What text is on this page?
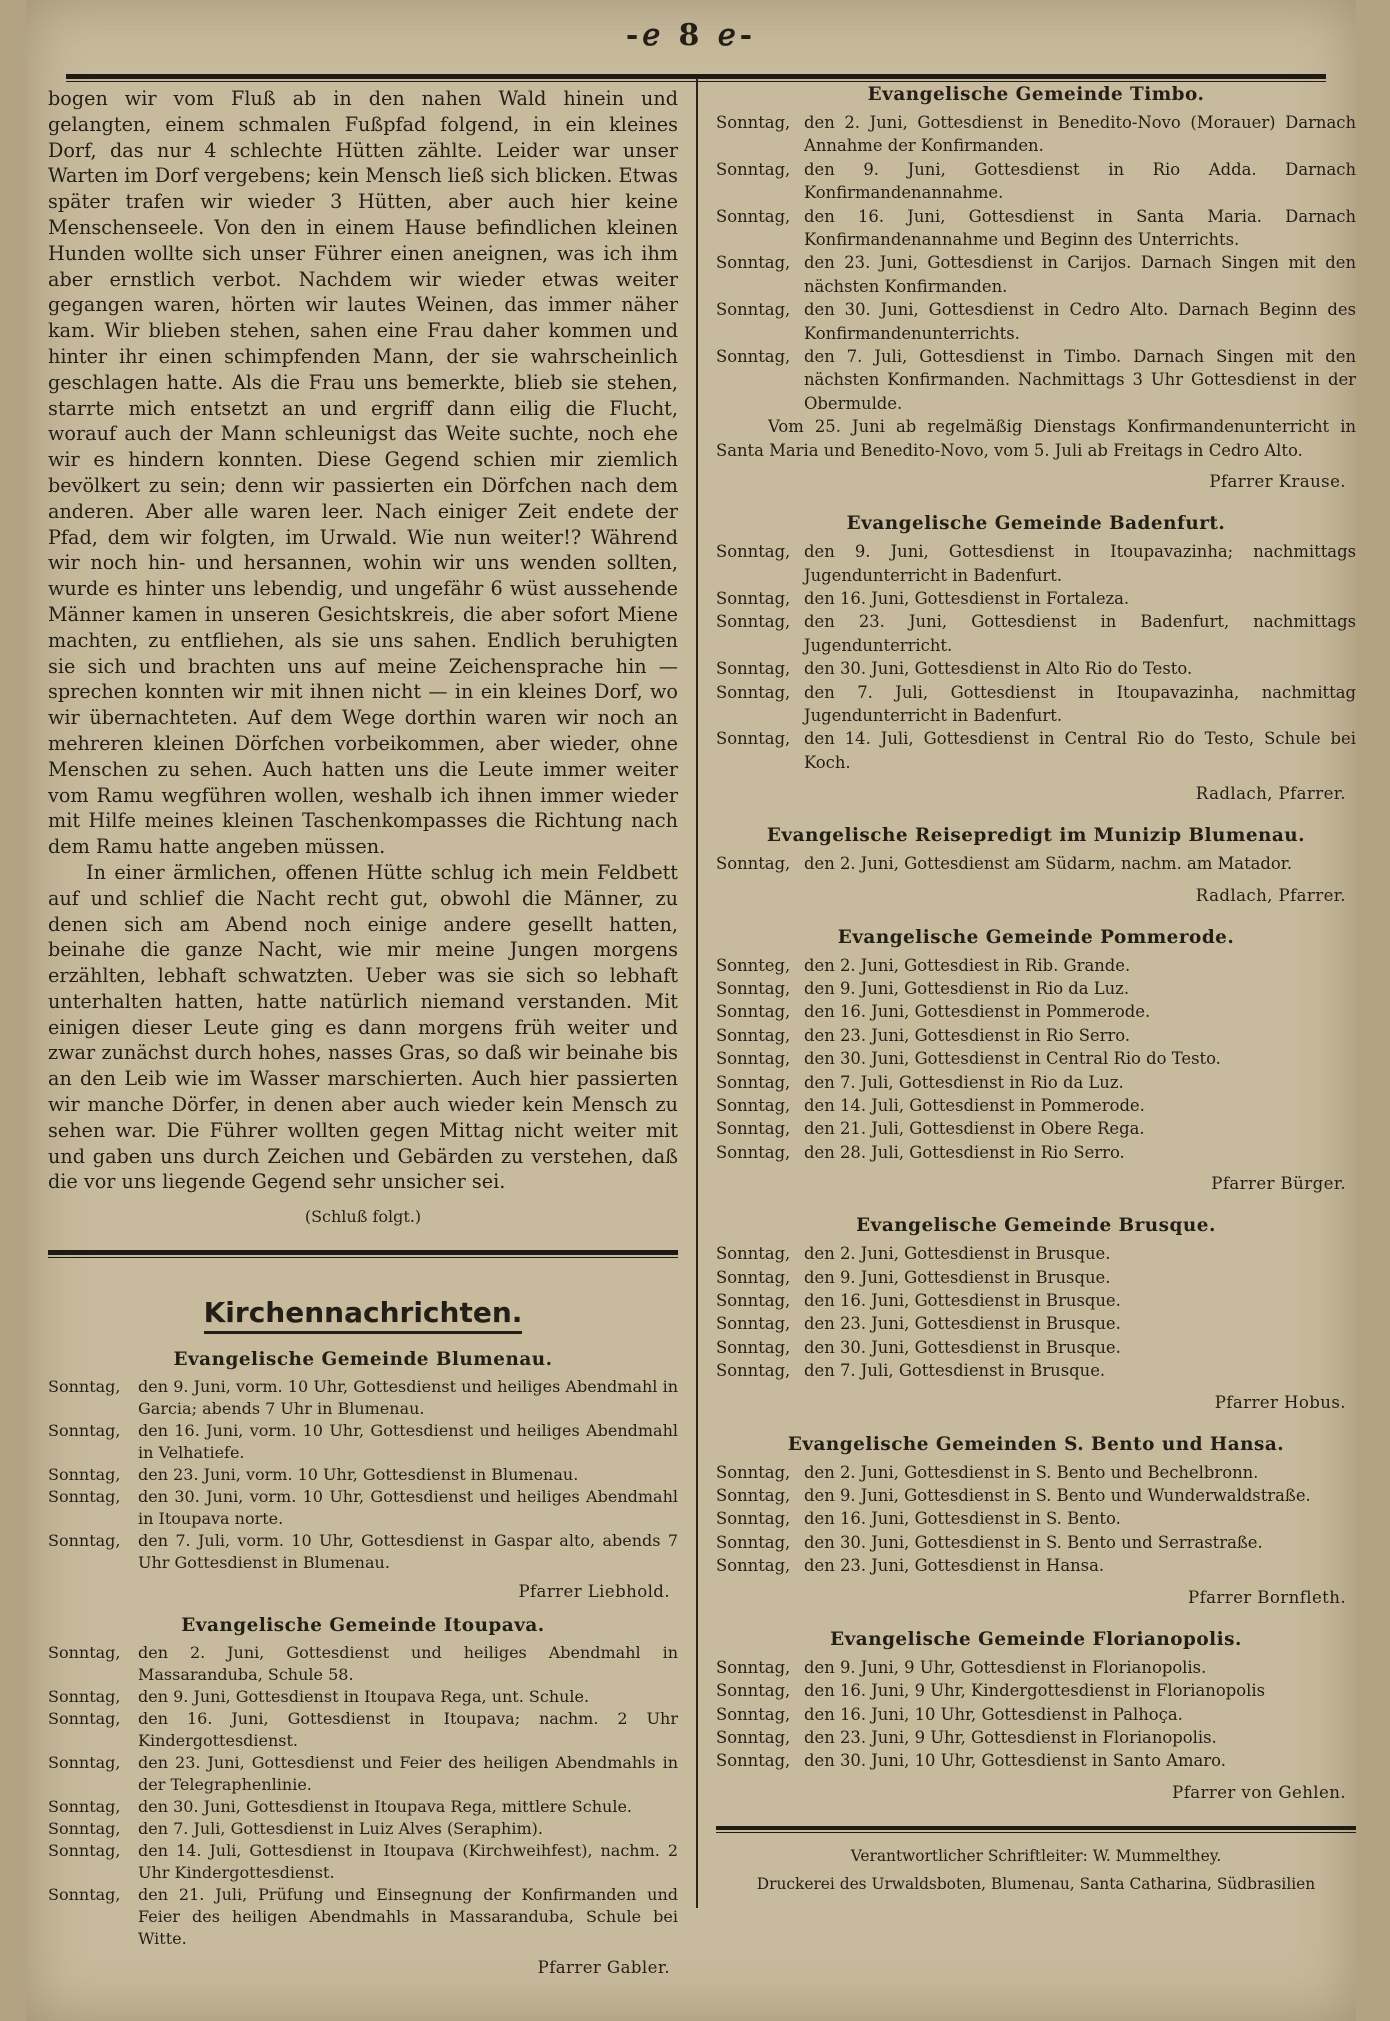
-ℯ 8 ℯ-

bogen wir vom Fluß ab in den nahen Wald hinein und gelangten, einem schmalen Fußpfad folgend, in ein kleines Dorf, das nur 4 schlechte Hütten zählte. Leider war unser Warten im Dorf vergebens; kein Mensch ließ sich blicken. Etwas später trafen wir wieder 3 Hütten, aber auch hier keine Menschenseele. Von den in einem Hause befindlichen kleinen Hunden wollte sich unser Führer einen aneignen, was ich ihm aber ernstlich verbot. Nachdem wir wieder etwas weiter gegangen waren, hörten wir lautes Weinen, das immer näher kam. Wir blieben stehen, sahen eine Frau daher kommen und hinter ihr einen schimpfenden Mann, der sie wahrscheinlich geschlagen hatte. Als die Frau uns bemerkte, blieb sie stehen, starrte mich entsetzt an und ergriff dann eilig die Flucht, worauf auch der Mann schleunigst das Weite suchte, noch ehe wir es hindern konnten. Diese Gegend schien mir ziemlich bevölkert zu sein; denn wir passierten ein Dörfchen nach dem anderen. Aber alle waren leer. Nach einiger Zeit endete der Pfad, dem wir folgten, im Urwald. Wie nun weiter!? Während wir noch hin- und hersannen, wohin wir uns wenden sollten, wurde es hinter uns lebendig, und ungefähr 6 wüst aussehende Männer kamen in unseren Gesichtskreis, die aber sofort Miene machten, zu entfliehen, als sie uns sahen. Endlich beruhigten sie sich und brachten uns auf meine Zeichensprache hin — sprechen konnten wir mit ihnen nicht — in ein kleines Dorf, wo wir übernachteten. Auf dem Wege dorthin waren wir noch an mehreren kleinen Dörfchen vorbeikommen, aber wieder, ohne Menschen zu sehen. Auch hatten uns die Leute immer weiter vom Ramu wegführen wollen, weshalb ich ihnen immer wieder mit Hilfe meines kleinen Taschenkompasses die Richtung nach dem Ramu hatte angeben müssen.

In einer ärmlichen, offenen Hütte schlug ich mein Feldbett auf und schlief die Nacht recht gut, obwohl die Männer, zu denen sich am Abend noch einige andere gesellt hatten, beinahe die ganze Nacht, wie mir meine Jungen morgens erzählten, lebhaft schwatzten. Ueber was sie sich so lebhaft unterhalten hatten, hatte natürlich niemand verstanden. Mit einigen dieser Leute ging es dann morgens früh weiter und zwar zunächst durch hohes, nasses Gras, so daß wir beinahe bis an den Leib wie im Wasser marschierten. Auch hier passierten wir manche Dörfer, in denen aber auch wieder kein Mensch zu sehen war. Die Führer wollten gegen Mittag nicht weiter mit und gaben uns durch Zeichen und Gebärden zu verstehen, daß die vor uns liegende Gegend sehr unsicher sei.

(Schluß folgt.)
Kirchennachrichten.
Evangelische Gemeinde Blumenau.
Sonntag,	den 9. Juni, vorm. 10 Uhr, Gottesdienst und heiliges Abendmahl in Garcia; abends 7 Uhr in Blumenau.
Sonntag,	den 16. Juni, vorm. 10 Uhr, Gottesdienst und heiliges Abendmahl in Velhatiefe.
Sonntag,	den 23. Juni, vorm. 10 Uhr, Gottesdienst in Blumenau.
Sonntag,	den 30. Juni, vorm. 10 Uhr, Gottesdienst und heiliges Abendmahl in Itoupava norte.
Sonntag,	den 7. Juli, vorm. 10 Uhr, Gottesdienst in Gaspar alto, abends 7 Uhr Gottesdienst in Blumenau.
Pfarrer Liebhold.
Evangelische Gemeinde Itoupava.
Sonntag,	den 2. Juni, Gottesdienst und heiliges Abendmahl in Massaranduba, Schule 58.
Sonntag,	den 9. Juni, Gottesdienst in Itoupava Rega, unt. Schule.
Sonntag,	den 16. Juni, Gottesdienst in Itoupava; nachm. 2 Uhr Kindergottesdienst.
Sonntag,	den 23. Juni, Gottesdienst und Feier des heiligen Abendmahls in der Telegraphenlinie.
Sonntag,	den 30. Juni, Gottesdienst in Itoupava Rega, mittlere Schule.
Sonntag,	den 7. Juli, Gottesdienst in Luiz Alves (Seraphim).
Sonntag,	den 14. Juli, Gottesdienst in Itoupava (Kirchweihfest), nachm. 2 Uhr Kindergottesdienst.
Sonntag,	den 21. Juli, Prüfung und Einsegnung der Konfirmanden und Feier des heiligen Abendmahls in Massaranduba, Schule bei Witte.
Pfarrer Gabler.
Evangelische Gemeinde Timbo.
Sonntag, den 2. Juni, Gottesdienst in Benedito-Novo (Morauer) Darnach Annahme der Konfirmanden.
Sonntag, den 9. Juni, Gottesdienst in Rio Adda. Darnach Konfirmandenannahme.
Sonntag, den 16. Juni, Gottesdienst in Santa Maria. Darnach Konfirmandenannahme und Beginn des Unterrichts.
Sonntag, den 23. Juni, Gottesdienst in Carijos. Darnach Singen mit den nächsten Konfirmanden.
Sonntag, den 30. Juni, Gottesdienst in Cedro Alto. Darnach Beginn des Konfirmandenunterrichts.
Sonntag, den 7. Juli, Gottesdienst in Timbo. Darnach Singen mit den nächsten Konfirmanden. Nachmittags 3 Uhr Gottesdienst in der Obermulde.
Vom 25. Juni ab regelmäßig Dienstags Konfirmandenunterricht in Santa Maria und Benedito-Novo, vom 5. Juli ab Freitags in Cedro Alto.
Pfarrer Krause.
Evangelische Gemeinde Badenfurt.
Sonntag, den 9. Juni, Gottesdienst in Itoupavazinha; nachmittags Jugendunterricht in Badenfurt.
Sonntag, den 16. Juni, Gottesdienst in Fortaleza.
Sonntag, den 23. Juni, Gottesdienst in Badenfurt, nachmittags Jugendunterricht.
Sonntag, den 30. Juni, Gottesdienst in Alto Rio do Testo.
Sonntag, den 7. Juli, Gottesdienst in Itoupavazinha, nachmittag Jugendunterricht in Badenfurt.
Sonntag, den 14. Juli, Gottesdienst in Central Rio do Testo, Schule bei Koch.
Radlach, Pfarrer.
Evangelische Reisepredigt im Munizip Blumenau.
Sonntag, den 2. Juni, Gottesdienst am Südarm, nachm. am Matador.
Radlach, Pfarrer.
Evangelische Gemeinde Pommerode.
Sonnteg, den 2. Juni, Gottesdiest in Rib. Grande.
Sonntag, den 9. Juni, Gottesdienst in Rio da Luz.
Sonntag, den 16. Juni, Gottesdienst in Pommerode.
Sonntag, den 23. Juni, Gottesdienst in Rio Serro.
Sonntag, den 30. Juni, Gottesdienst in Central Rio do Testo.
Sonntag, den 7. Juli, Gottesdienst in Rio da Luz.
Sonntag, den 14. Juli, Gottesdienst in Pommerode.
Sonntag, den 21. Juli, Gottesdienst in Obere Rega.
Sonntag, den 28. Juli, Gottesdienst in Rio Serro.
Pfarrer Bürger.
Evangelische Gemeinde Brusque.
Sonntag, den 2. Juni, Gottesdienst in Brusque.
Sonntag, den 9. Juni, Gottesdienst in Brusque.
Sonntag, den 16. Juni, Gottesdienst in Brusque.
Sonntag, den 23. Juni, Gottesdienst in Brusque.
Sonntag, den 30. Juni, Gottesdienst in Brusque.
Sonntag, den 7. Juli, Gottesdienst in Brusque.
Pfarrer Hobus.
Evangelische Gemeinden S. Bento und Hansa.
Sonntag, den 2. Juni, Gottesdienst in S. Bento und Bechelbronn.
Sonntag, den 9. Juni, Gottesdienst in S. Bento und Wunderwaldstraße.
Sonntag, den 16. Juni, Gottesdienst in S. Bento.
Sonntag, den 30. Juni, Gottesdienst in S. Bento und Serrastraße.
Sonntag, den 23. Juni, Gottesdienst in Hansa.
Pfarrer Bornfleth.
Evangelische Gemeinde Florianopolis.
Sonntag, den 9. Juni, 9 Uhr, Gottesdienst in Florianopolis.
Sonntag, den 16. Juni, 9 Uhr, Kindergottesdienst in Florianopolis
Sonntag, den 16. Juni, 10 Uhr, Gottesdienst in Palhoça.
Sonntag, den 23. Juni, 9 Uhr, Gottesdienst in Florianopolis.
Sonntag, den 30. Juni, 10 Uhr, Gottesdienst in Santo Amaro.
Pfarrer von Gehlen.
Verantwortlicher Schriftleiter: W. Mummelthey.
Druckerei des Urwaldsboten, Blumenau, Santa Catharina, Südbrasilien
